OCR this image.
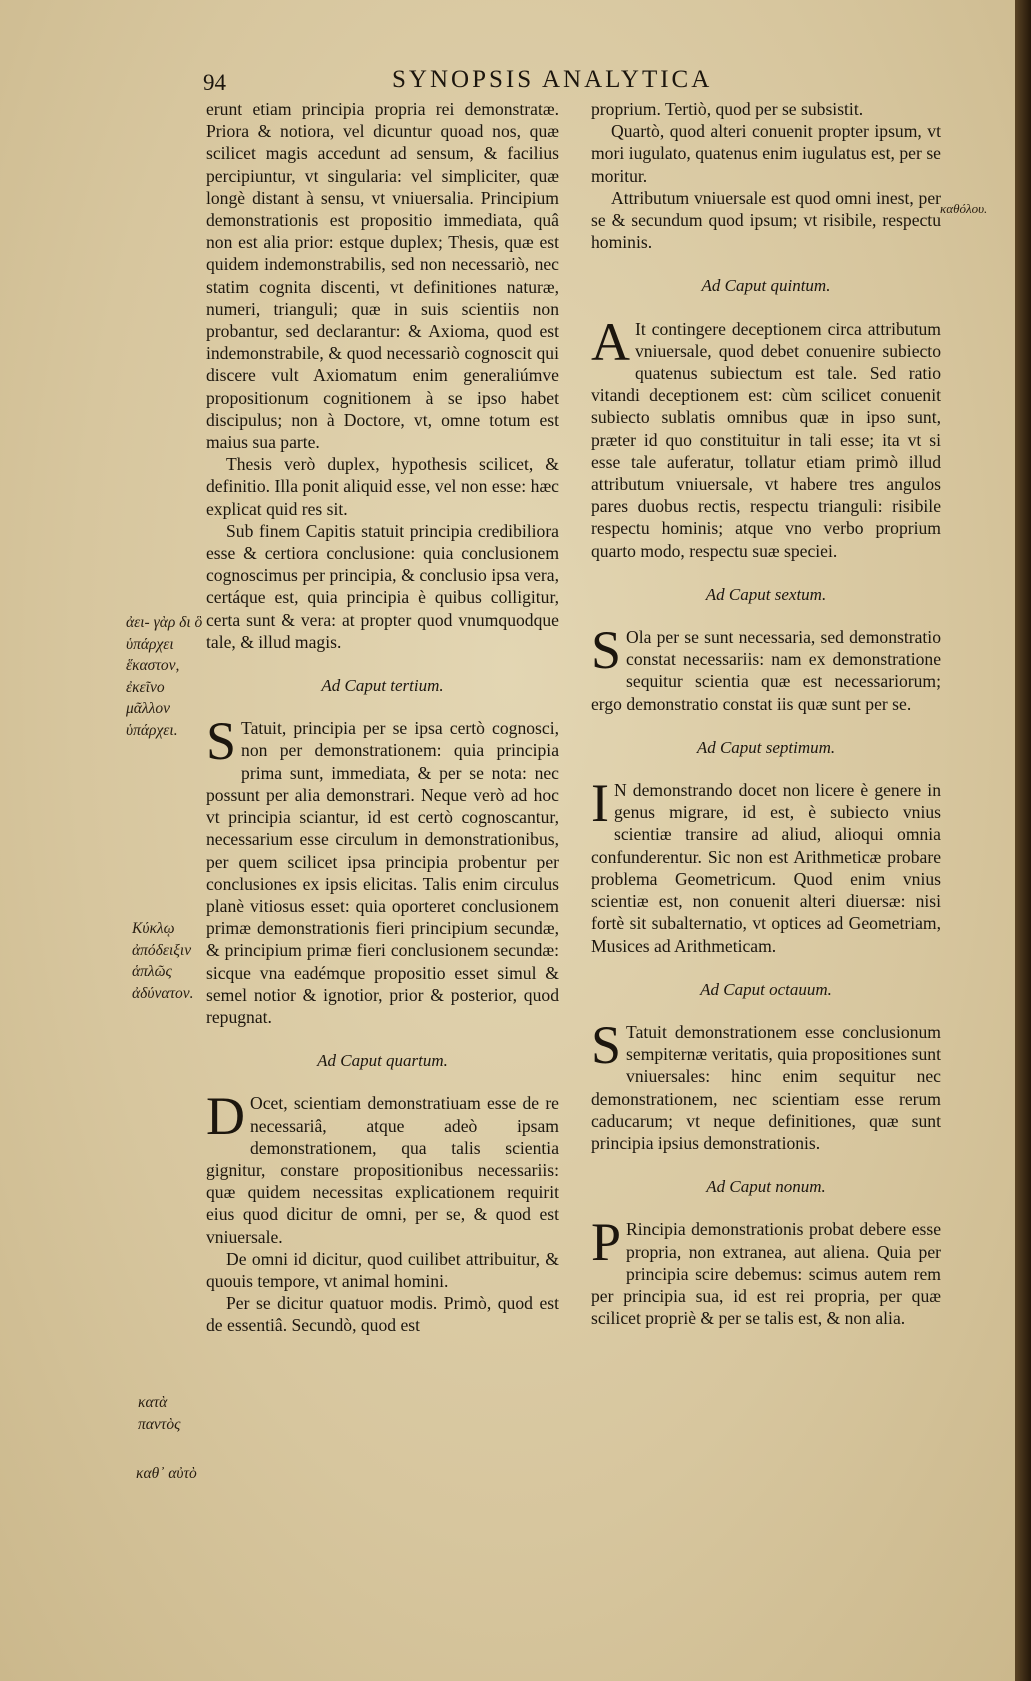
94	SYNOPSIS ANALYTICA

erunt etiam principia propria rei demonstratæ. Priora & notiora, vel dicuntur quoad nos, quæ scilicet magis accedunt ad sensum, & facilius percipiuntur, vt singularia: vel simpliciter, quæ longè distant à sensu, vt vniuersalia. Principium demonstrationis est propositio immediata, quâ non est alia prior: estque duplex; Thesis, quæ est quidem indemonstrabilis, sed non necessariò, nec statim cognita discenti, vt definitiones naturæ, numeri, trianguli; quæ in suis scientiis non probantur, sed declarantur: & Axioma, quod est indemonstrabile, & quod necessariò cognoscit qui discere vult Axiomatum enim generaliúmve propositionum cognitionem à se ipso habet discipulus; non à Doctore, vt, omne totum est maius sua parte.

Thesis verò duplex, hypothesis scilicet, & definitio. Illa ponit aliquid esse, vel non esse: hæc explicat quid res sit.

Sub finem Capitis statuit principia credibiliora esse & certiora conclusione: quia conclusionem cognoscimus per principia, & conclusio ipsa vera, certáque est, quia principia è quibus colligitur, certa sunt & vera: at propter quod vnumquodque tale, & illud magis.

Ad Caput tertium.

S Tatuit, principia per se ipsa certò cognosci, non per demonstrationem: quia principia prima sunt, immediata, & per se nota: nec possunt per alia demonstrari. Neque verò ad hoc vt principia sciantur, id est certò cognoscantur, necessarium esse circulum in demonstrationibus, per quem scilicet ipsa principia probentur per conclusiones ex ipsis elicitas. Talis enim circulus planè vitiosus esset: quia oporteret conclusionem primæ demonstrationis fieri principium secundæ, & principium primæ fieri conclusionem secundæ: sicque vna eadémque propositio esset simul & semel notior & ignotior, prior & posterior, quod repugnat.

Ad Caput quartum.

D Ocet, scientiam demonstratiuam esse de re necessariâ, atque adeò ipsam demonstrationem, qua talis scientia gignitur, constare propositionibus necessariis: quæ quidem necessitas explicationem requirit eius quod dicitur de omni, per se, & quod est vniuersale.

De omni id dicitur, quod cuilibet attribuitur, & quouis tempore, vt animal homini.

Per se dicitur quatuor modis. Primò, quod est de essentiâ. Secundò, quod est

proprium. Tertiò, quod per se subsistit.

Quartò, quod alteri conuenit propter ipsum, vt mori iugulato, quatenus enim iugulatus est, per se moritur.

Attributum vniuersale est quod omni inest, per se & secundum quod ipsum; vt risibile, respectu hominis.

Ad Caput quintum.

A It contingere deceptionem circa attributum vniuersale, quod debet conuenire subiecto quatenus subiectum est tale. Sed ratio vitandi deceptionem est: cùm scilicet conuenit subiecto sublatis omnibus quæ in ipso sunt, præter id quo constituitur in tali esse; ita vt si esse tale auferatur, tollatur etiam primò illud attributum vniuersale, vt habere tres angulos pares duobus rectis, respectu trianguli: risibile respectu hominis; atque vno verbo proprium quarto modo, respectu suæ speciei.

Ad Caput sextum.

S Ola per se sunt necessaria, sed demonstratio constat necessariis: nam ex demonstratione sequitur scientia quæ est necessariorum; ergo demonstratio constat iis quæ sunt per se.

Ad Caput septimum.

I N demonstrando docet non licere è genere in genus migrare, id est, è subiecto vnius scientiæ transire ad aliud, alioqui omnia confunderentur. Sic non est Arithmeticæ probare problema Geometricum. Quod enim vnius scientiæ est, non conuenit alteri diuersæ: nisi fortè sit subalternatio, vt optices ad Geometriam, Musices ad Arithmeticam.

Ad Caput octauum.

S Tatuit demonstrationem esse conclusionum sempiternæ veritatis, quia propositiones sunt vniuersales: hinc enim sequitur nec demonstrationem, nec scientiam esse rerum caducarum; vt neque definitiones, quæ sunt principia ipsius demonstrationis.

Ad Caput nonum.

P Rincipia demonstrationis probat debere esse propria, non extranea, aut aliena. Quia per principia scire debemus: scimus autem rem per principia sua, id est rei propria, per quæ scilicet propriè & per se talis est, & non alia.

ἀει- γὰρ δι ὃ ὑπάρχει ἕκαστον, ἐκεῖνο μᾶλλον ὑπάρχει.
Κύκλῳ ἀπόδειξιν ἁπλῶς ἀδύνατον.
κατὰ παντὸς
καθ᾽ αὐτὸ
καθόλου.
